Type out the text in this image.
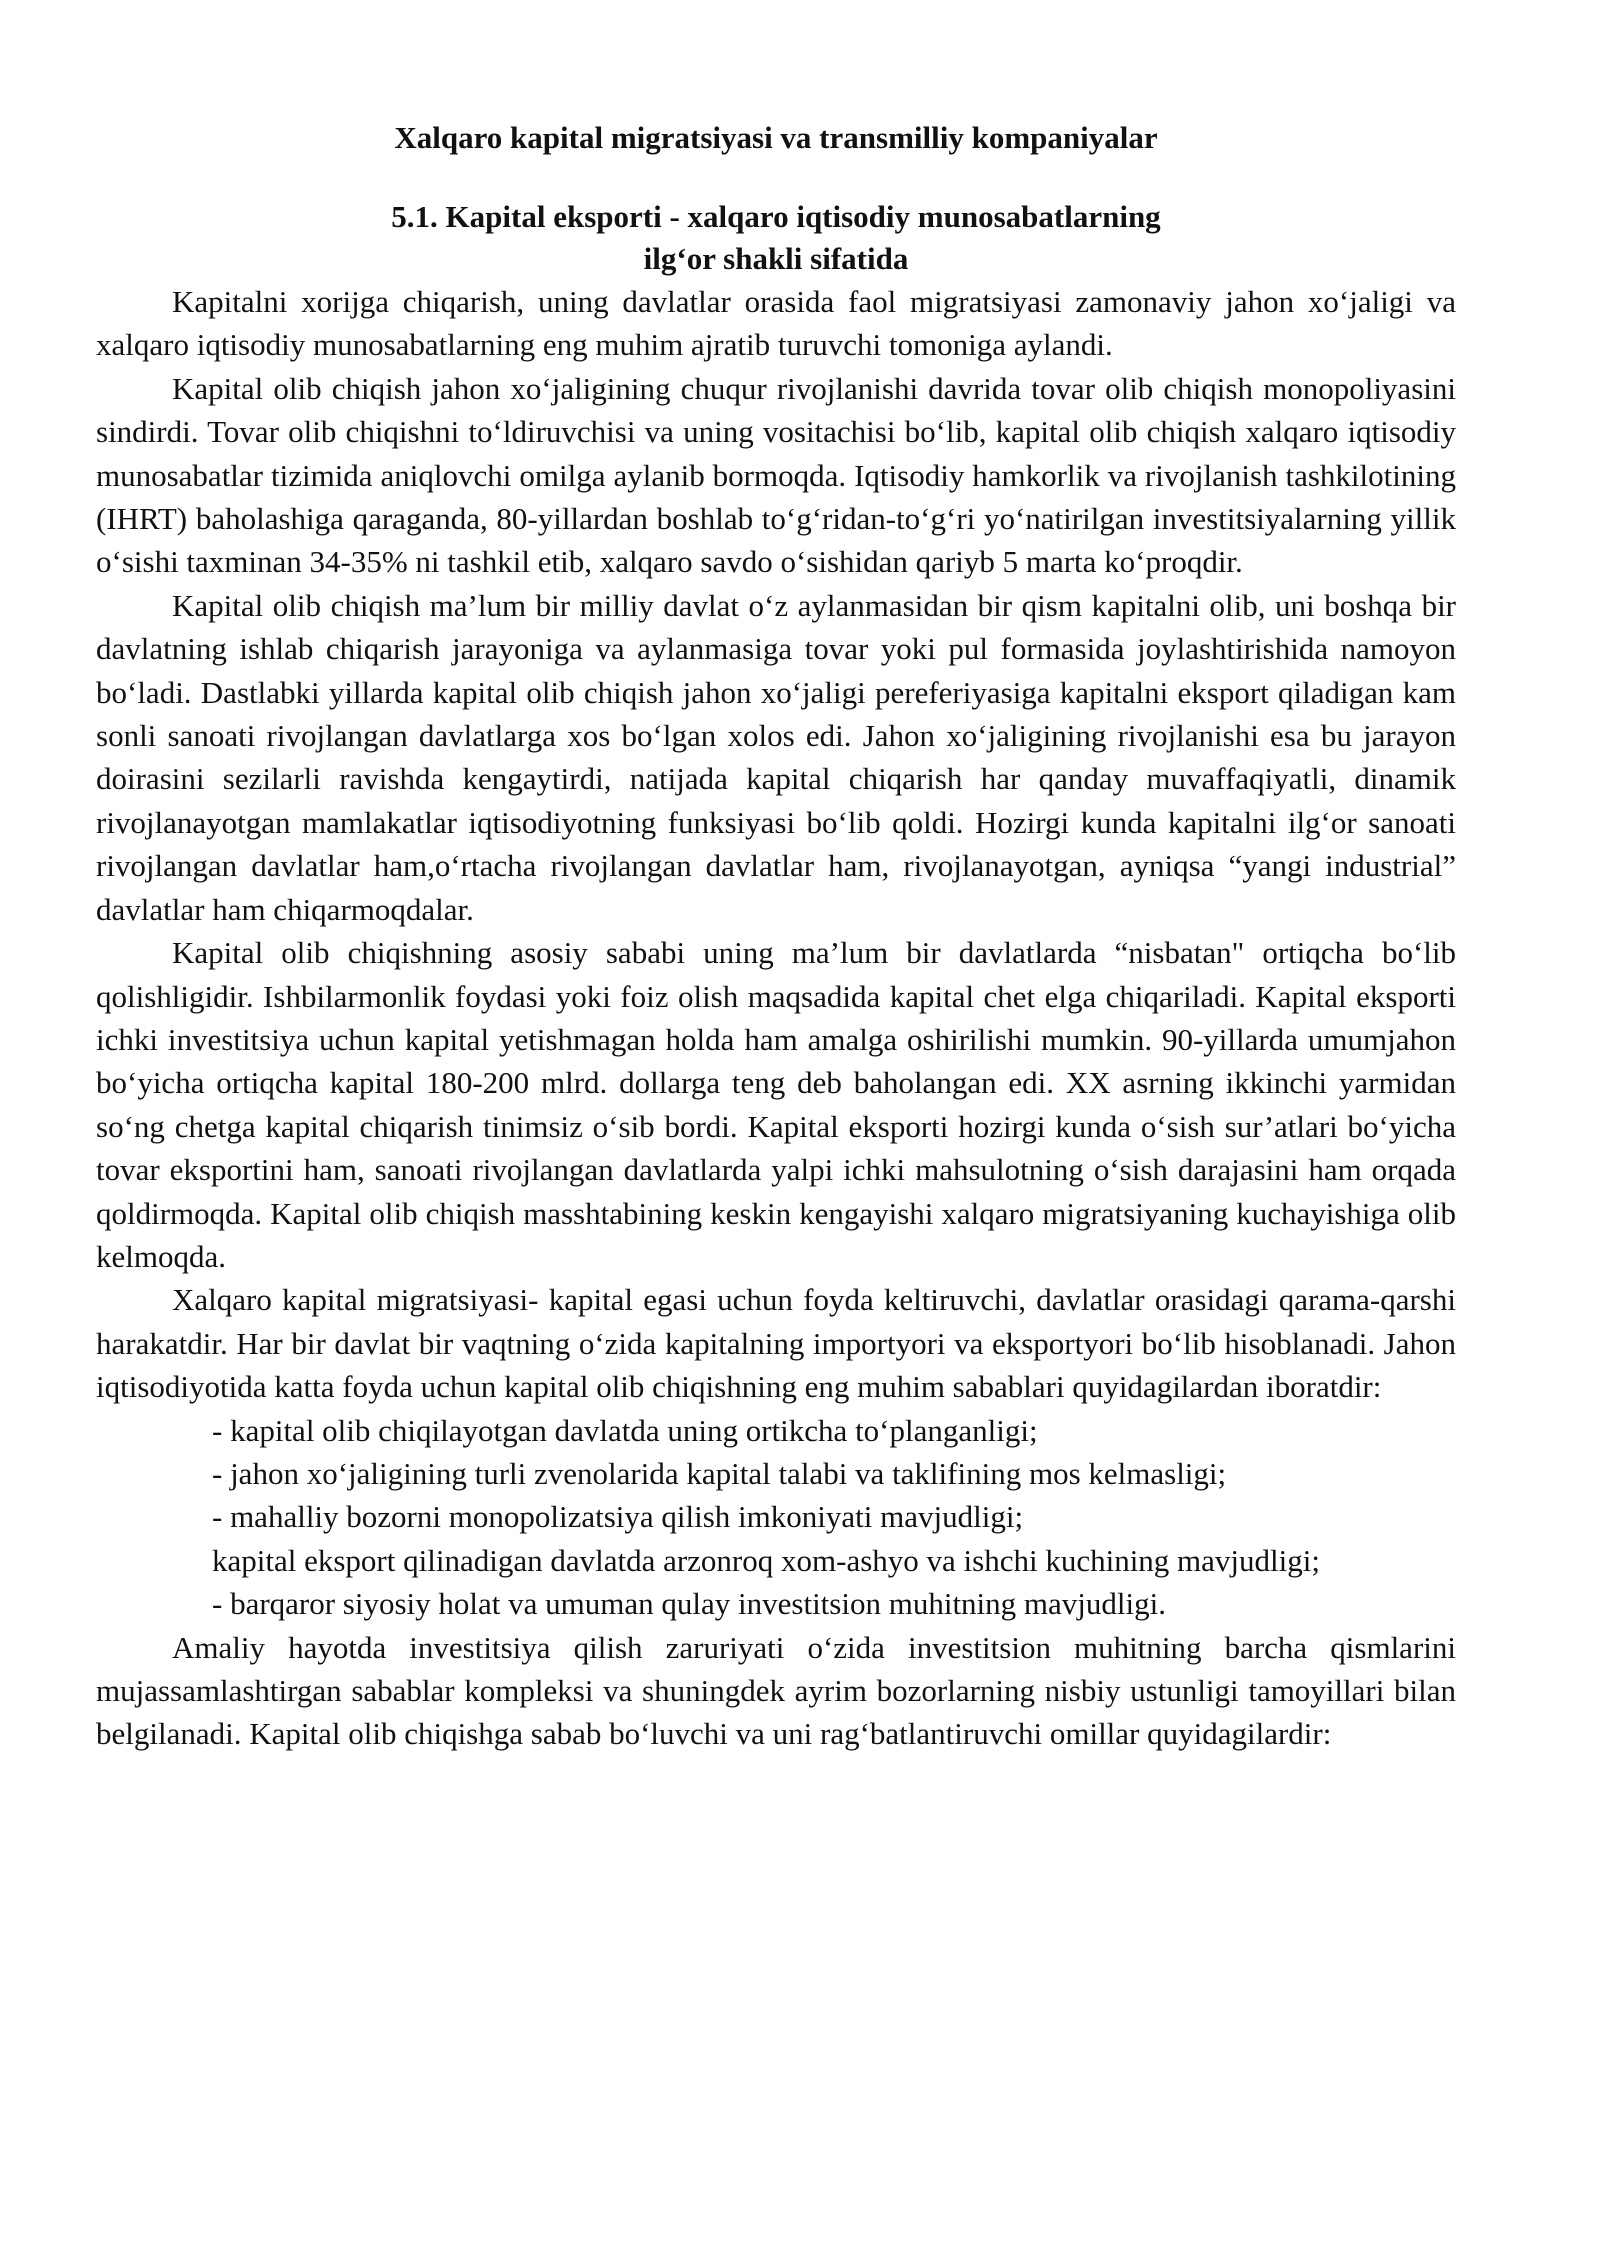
Xalqaro kapital migratsiyasi va transmilliy kompaniyalar
5.1. Kapital eksporti - xalqaro iqtisodiy munosabatlarning
ilg‘or shakli sifatida

Kapitalni xorijga chiqarish, uning davlatlar orasida faol migratsiyasi zamonaviy jahon xo‘jaligi va xalqaro iqtisodiy munosabatlarning eng muhim ajratib turuvchi tomoniga aylandi.

Kapital olib chiqish jahon xo‘jaligining chuqur rivojlanishi davrida tovar olib chiqish monopoliyasini sindirdi. Tovar olib chiqishni to‘ldiruvchisi va uning vositachisi bo‘lib, kapital olib chiqish xalqaro iqtisodiy munosabatlar tizimida aniqlovchi omilga aylanib bormoqda. Iqtisodiy hamkorlik va rivojlanish tashkilotining (IHRT) baholashiga qaraganda, 80-yillardan boshlab to‘g‘ridan-to‘g‘ri yo‘natirilgan investitsiyalarning yillik o‘sishi taxminan 34-35% ni tashkil etib, xalqaro savdo o‘sishidan qariyb 5 marta ko‘proqdir.

Kapital olib chiqish ma’lum bir milliy davlat o‘z aylanmasidan bir qism kapitalni olib, uni boshqa bir davlatning ishlab chiqarish jarayoniga va aylanmasiga tovar yoki pul formasida joylashtirishida namoyon bo‘ladi. Dastlabki yillarda kapital olib chiqish jahon xo‘jaligi pereferiyasiga kapitalni eksport qiladigan kam sonli sanoati rivojlangan davlatlarga xos bo‘lgan xolos edi. Jahon xo‘jaligining rivojlanishi esa bu jarayon doirasini sezilarli ravishda kengaytirdi, natijada kapital chiqarish har qanday muvaffaqiyatli, dinamik rivojlanayotgan mamlakatlar iqtisodiyotning funksiyasi bo‘lib qoldi. Hozirgi kunda kapitalni ilg‘or sanoati rivojlangan davlatlar ham,o‘rtacha rivojlangan davlatlar ham, rivojlanayotgan, ayniqsa “yangi industrial” davlatlar ham chiqarmoqdalar.

Kapital olib chiqishning asosiy sababi uning ma’lum bir davlatlarda “nisbatan" ortiqcha bo‘lib qolishligidir. Ishbilarmonlik foydasi yoki foiz olish maqsadida kapital chet elga chiqariladi. Kapital eksporti ichki investitsiya uchun kapital yetishmagan holda ham amalga oshirilishi mumkin. 90-yillarda umumjahon bo‘yicha ortiqcha kapital 180-200 mlrd. dollarga teng deb baholangan edi. XX asrning ikkinchi yarmidan so‘ng chetga kapital chiqarish tinimsiz o‘sib bordi. Kapital eksporti hozirgi kunda o‘sish sur’atlari bo‘yicha tovar eksportini ham, sanoati rivojlangan davlatlarda yalpi ichki mahsulotning o‘sish darajasini ham orqada qoldirmoqda. Kapital olib chiqish masshtabining keskin kengayishi xalqaro migratsiyaning kuchayishiga olib kelmoqda.

Xalqaro kapital migratsiyasi- kapital egasi uchun foyda keltiruvchi, davlatlar orasidagi qarama-qarshi harakatdir. Har bir davlat bir vaqtning o‘zida kapitalning importyori va eksportyori bo‘lib hisoblanadi. Jahon iqtisodiyotida katta foyda uchun kapital olib chiqishning eng muhim sabablari quyidagilardan iboratdir:

- kapital olib chiqilayotgan davlatda uning ortikcha to‘planganligi;
- jahon xo‘jaligining turli zvenolarida kapital talabi va taklifining mos kelmasligi;
- mahalliy bozorni monopolizatsiya qilish imkoniyati mavjudligi;
kapital eksport qilinadigan davlatda arzonroq xom-ashyo va ishchi kuchining mavjudligi;
- barqaror siyosiy holat va umuman qulay investitsion muhitning mavjudligi.

Amaliy hayotda investitsiya qilish zaruriyati o‘zida investitsion muhitning barcha qismlarini mujassamlashtirgan sabablar kompleksi va shuningdek ayrim bozorlarning nisbiy ustunligi tamoyillari bilan belgilanadi. Kapital olib chiqishga sabab bo‘luvchi va uni rag‘batlantiruvchi omillar quyidagilardir:
